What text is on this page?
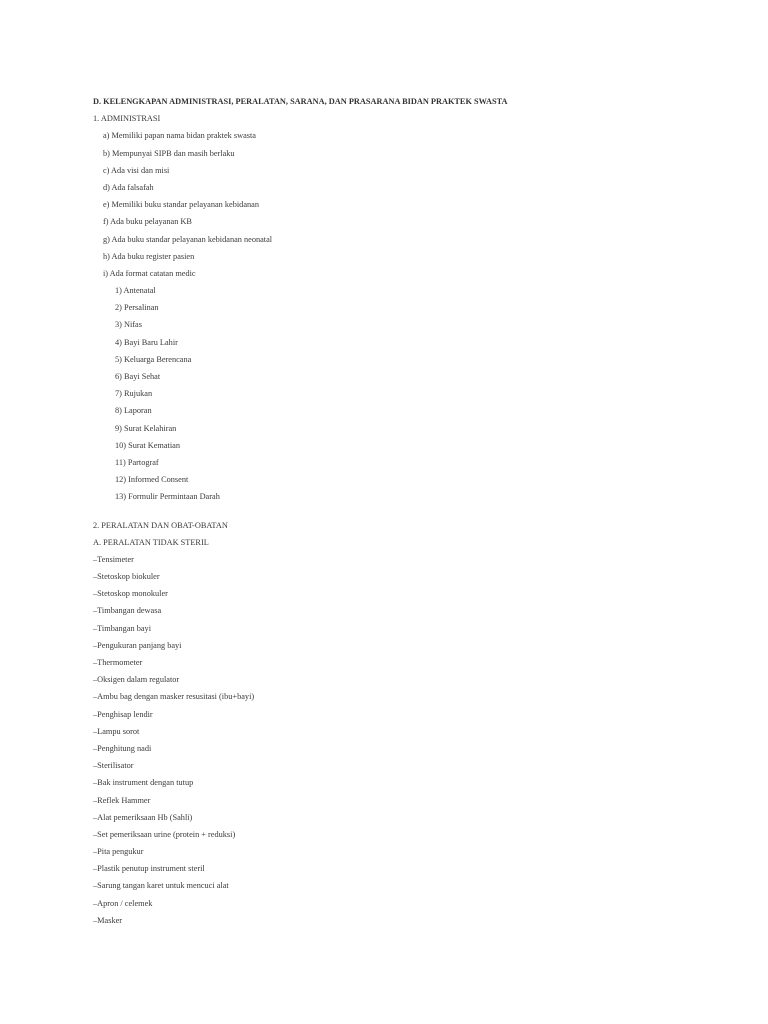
D. KELENGKAPAN ADMINISTRASI, PERALATAN, SARANA, DAN PRASARANA BIDAN PRAKTEK SWASTA

1. ADMINISTRASI

a) Memiliki papan nama bidan praktek swasta

b) Mempunyai SIPB dan masih berlaku

c) Ada visi dan misi

d) Ada falsafah

e) Memiliki buku standar pelayanan kebidanan

f) Ada buku pelayanan KB

g) Ada buku standar pelayanan kebidanan neonatal

h) Ada buku register pasien

i) Ada format catatan medic

1) Antenatal

2) Persalinan

3) Nifas

4) Bayi Baru Lahir

5) Keluarga Berencana

6) Bayi Sehat

7) Rujukan

8) Laporan

9) Surat Kelahiran

10) Surat Kematian

11) Partograf

12) Informed Consent

13) Formulir Permintaan Darah

2. PERALATAN DAN OBAT-OBATAN

A. PERALATAN TIDAK STERIL

– Tensimeter

– Stetoskop biokuler

– Stetoskop monokuler

– Timbangan dewasa

– Timbangan bayi

– Pengukuran panjang bayi

– Thermometer

– Oksigen dalam regulator

– Ambu bag dengan masker resusitasi (ibu+bayi)

– Penghisap lendir

– Lampu sorot

– Penghitung nadi

– Sterilisator

– Bak instrument dengan tutup

– Reflek Hammer

– Alat pemeriksaan Hb (Sahli)

– Set pemeriksaan urine (protein + reduksi)

– Pita pengukur

– Plastik penutup instrument steril

– Sarung tangan karet untuk mencuci alat

– Apron / celemek

– Masker
